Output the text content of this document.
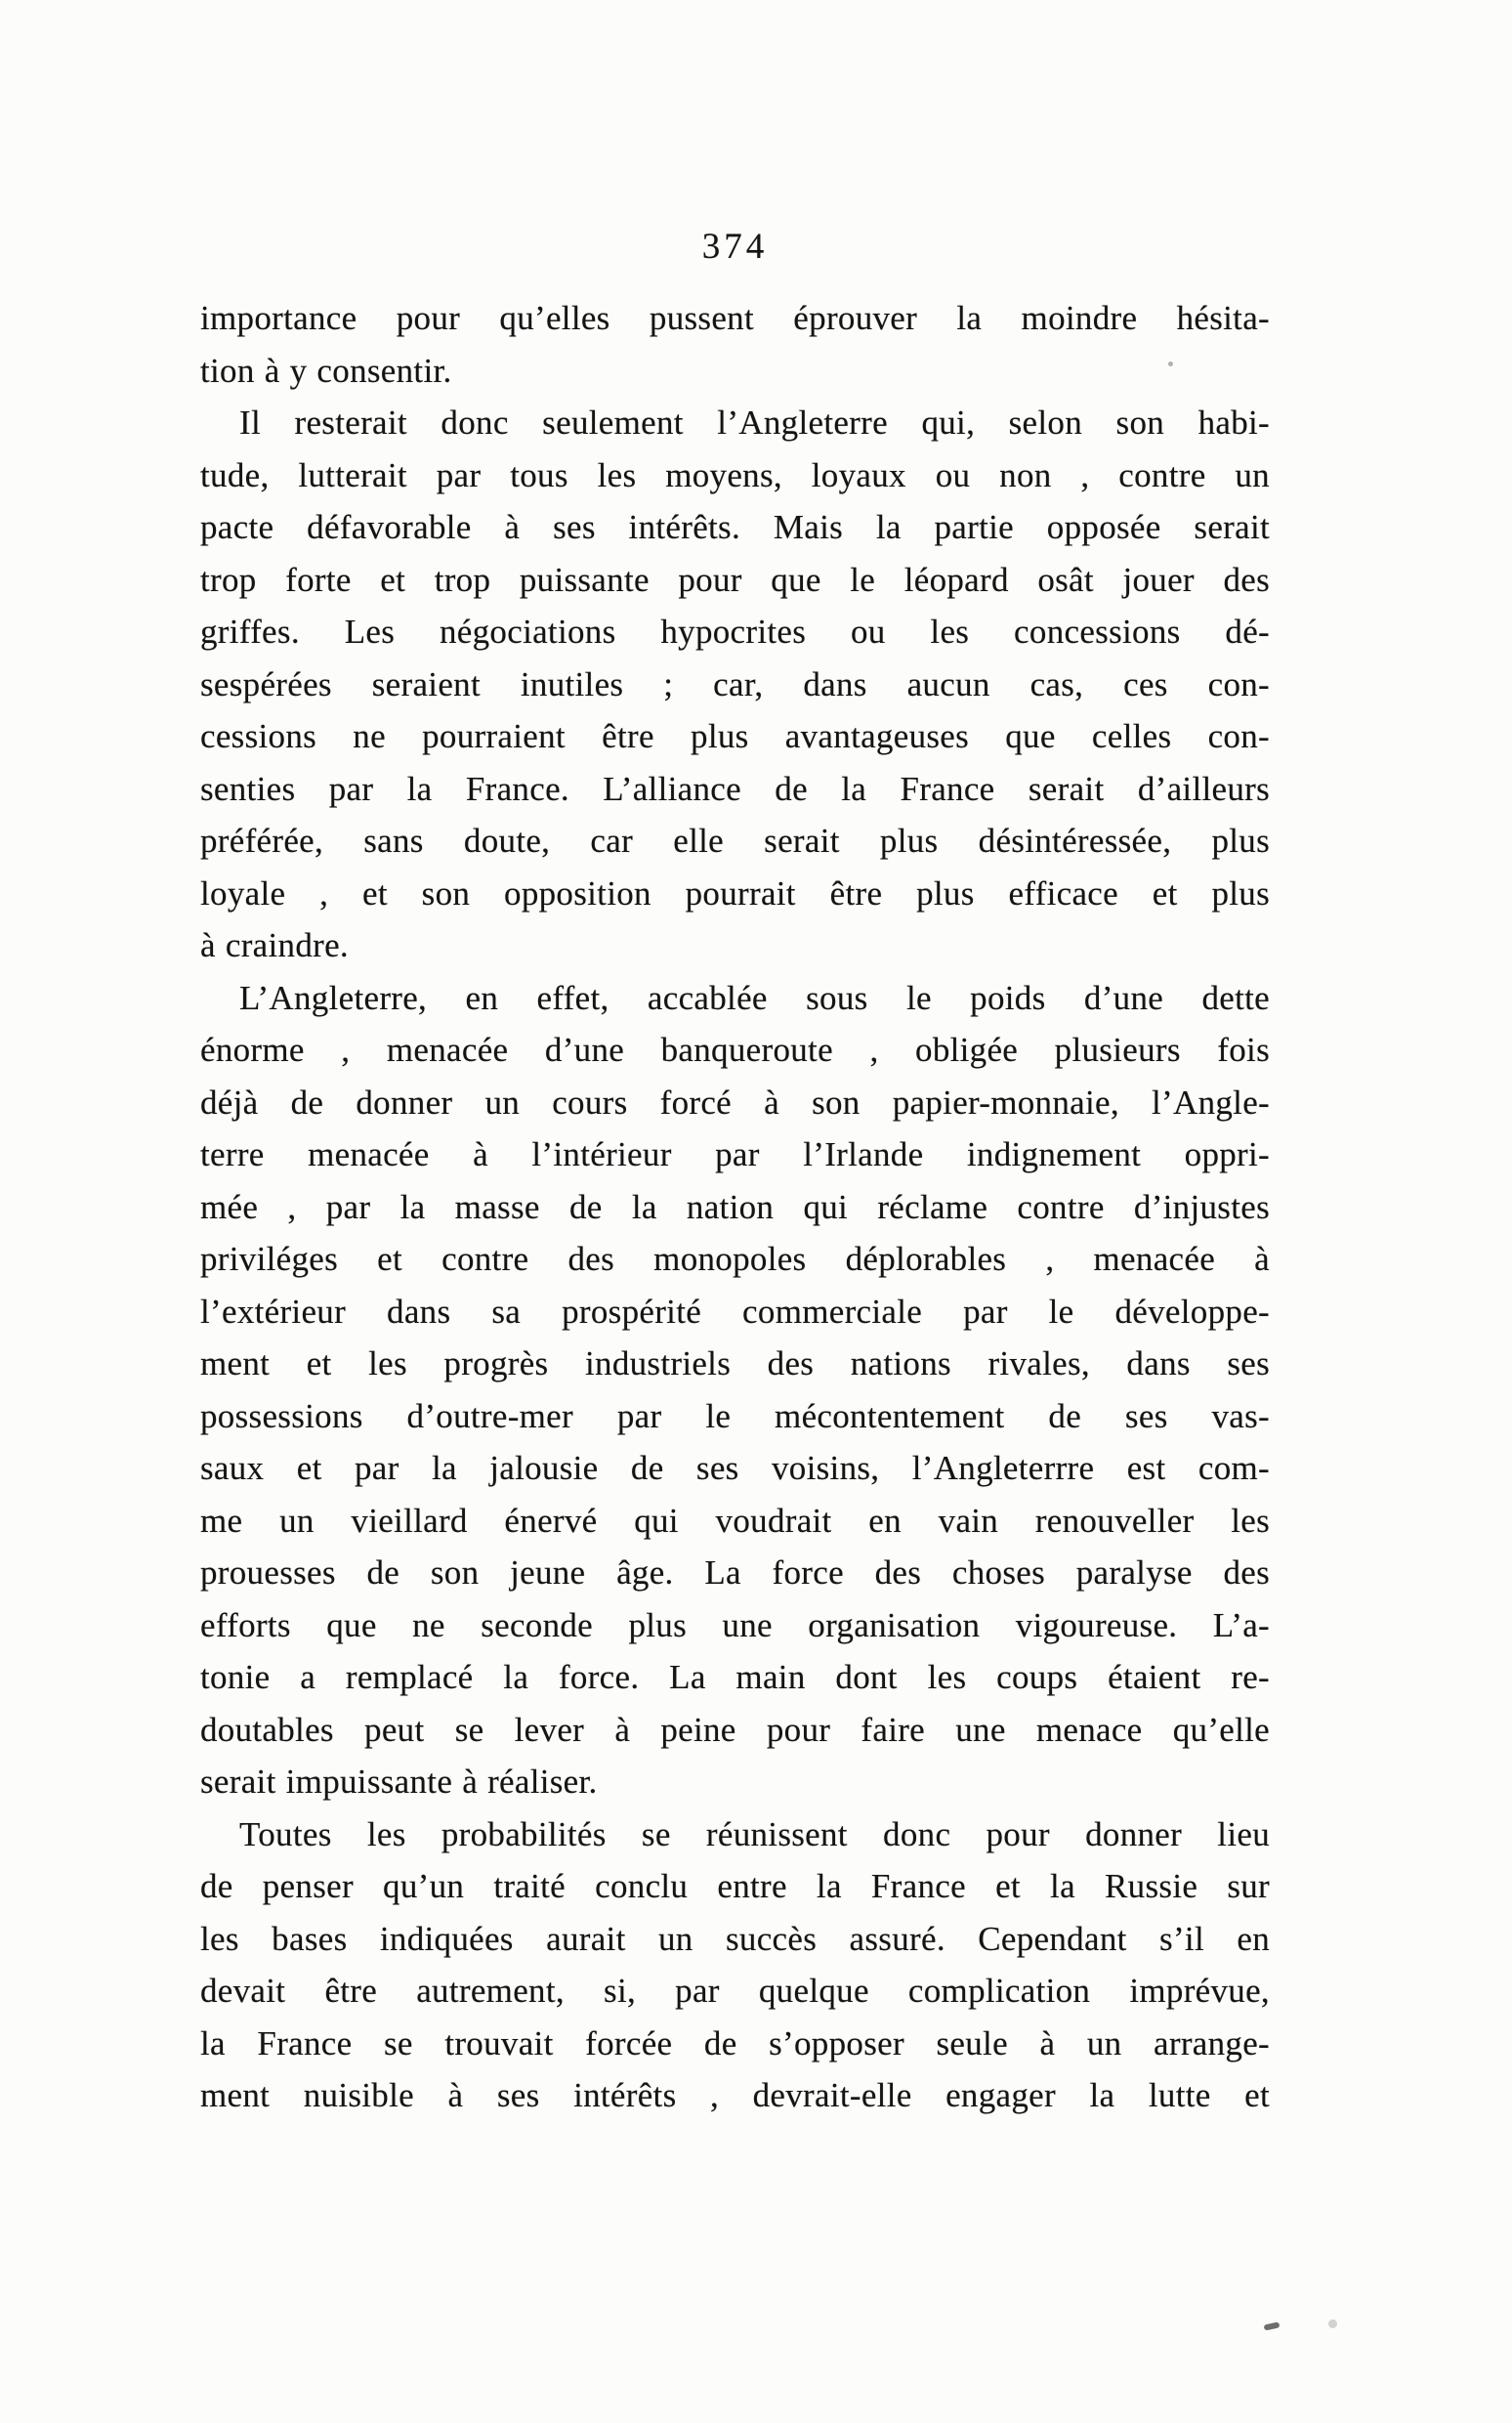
374
importance pour qu’elles pussent éprouver la moindre hésita-
tion à y consentir.
Il resterait donc seulement l’Angleterre qui, selon son habi-
tude, lutterait par tous les moyens, loyaux ou non , contre un
pacte défavorable à ses intérêts. Mais la partie opposée serait
trop forte et trop puissante pour que le léopard osât jouer des
griffes. Les négociations hypocrites ou les concessions dé-
sespérées seraient inutiles ; car, dans aucun cas, ces con-
cessions ne pourraient être plus avantageuses que celles con-
senties par la France. L’alliance de la France serait d’ailleurs
préférée, sans doute, car elle serait plus désintéressée, plus
loyale , et son opposition pourrait être plus efficace et plus
à craindre.
L’Angleterre, en effet, accablée sous le poids d’une dette
énorme , menacée d’une banqueroute , obligée plusieurs fois
déjà de donner un cours forcé à son papier-monnaie, l’Angle-
terre menacée à l’intérieur par l’Irlande indignement oppri-
mée , par la masse de la nation qui réclame contre d’injustes
priviléges et contre des monopoles déplorables , menacée à
l’extérieur dans sa prospérité commerciale par le développe-
ment et les progrès industriels des nations rivales, dans ses
possessions d’outre-mer par le mécontentement de ses vas-
saux et par la jalousie de ses voisins, l’Angleterrre est com-
me un vieillard énervé qui voudrait en vain renouveller les
prouesses de son jeune âge. La force des choses paralyse des
efforts que ne seconde plus une organisation vigoureuse. L’a-
tonie a remplacé la force. La main dont les coups étaient re-
doutables peut se lever à peine pour faire une menace qu’elle
serait impuissante à réaliser.
Toutes les probabilités se réunissent donc pour donner lieu
de penser qu’un traité conclu entre la France et la Russie sur
les bases indiquées aurait un succès assuré. Cependant s’il en
devait être autrement, si, par quelque complication imprévue,
la France se trouvait forcée de s’opposer seule à un arrange-
ment nuisible à ses intérêts , devrait-elle engager la lutte et
